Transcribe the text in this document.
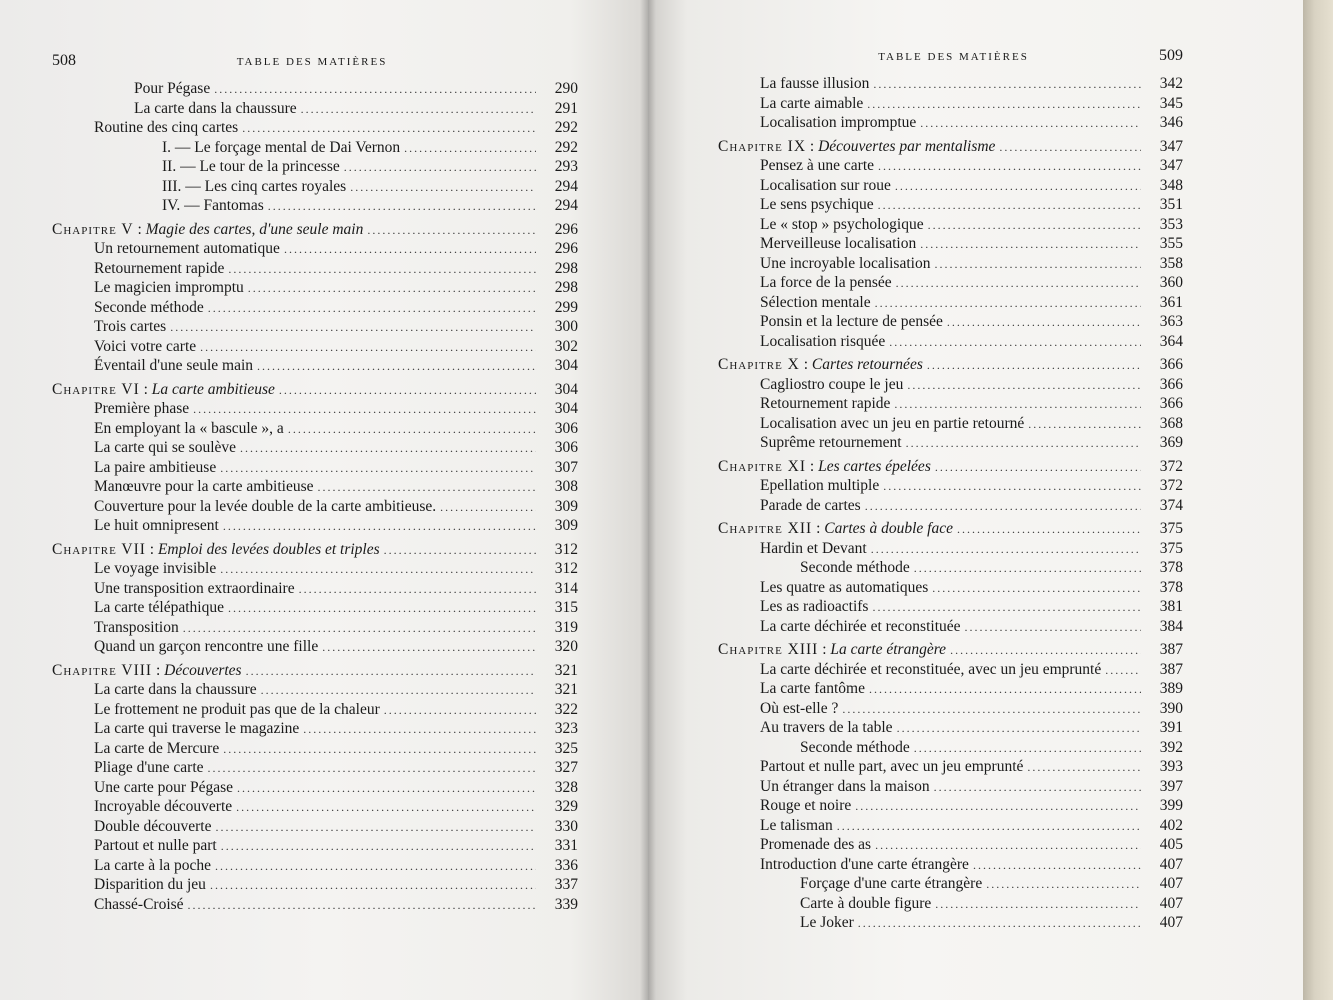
508	TABLE DES MATIÈRES
Pour Pégase .....	290
La carte dans la chaussure .....	291
Routine des cinq cartes .....	292
I. — Le forçage mental de Dai Vernon .....	292
II. — Le tour de la princesse .....	293
III. — Les cinq cartes royales .....	294
IV. — Fantomas .....	294
Chapitre V : Magie des cartes, d'une seule main .....	296
Un retournement automatique .....	296
Retournement rapide .....	298
Le magicien impromptu .....	298
Seconde méthode .....	299
Trois cartes .....	300
Voici votre carte .....	302
Éventail d'une seule main .....	304
Chapitre VI : La carte ambitieuse .....	304
Première phase .....	304
En employant la « bascule », a .....	306
La carte qui se soulève .....	306
La paire ambitieuse .....	307
Manœuvre pour la carte ambitieuse .....	308
Couverture pour la levée double de la carte ambitieuse. .....	309
Le huit omnipresent .....	309
Chapitre VII : Emploi des levées doubles et triples .....	312
Le voyage invisible .....	312
Une transposition extraordinaire .....	314
La carte télépathique .....	315
Transposition .....	319
Quand un garçon rencontre une fille .....	320
Chapitre VIII : Découvertes .....	321
La carte dans la chaussure .....	321
Le frottement ne produit pas que de la chaleur .....	322
La carte qui traverse le magazine .....	323
La carte de Mercure .....	325
Pliage d'une carte .....	327
Une carte pour Pégase .....	328
Incroyable découverte .....	329
Double découverte .....	330
Partout et nulle part .....	331
La carte à la poche .....	336
Disparition du jeu .....	337
Chassé-Croisé .....	339
TABLE DES MATIÈRES	509
La fausse illusion .....	342
La carte aimable .....	345
Localisation impromptue .....	346
Chapitre IX : Découvertes par mentalisme .....	347
Pensez à une carte .....	347
Localisation sur roue .....	348
Le sens psychique .....	351
Le « stop » psychologique .....	353
Merveilleuse localisation .....	355
Une incroyable localisation .....	358
La force de la pensée .....	360
Sélection mentale .....	361
Ponsin et la lecture de pensée .....	363
Localisation risquée .....	364
Chapitre X : Cartes retournées .....	366
Cagliostro coupe le jeu .....	366
Retournement rapide .....	366
Localisation avec un jeu en partie retourné .....	368
Suprême retournement .....	369
Chapitre XI : Les cartes épelées .....	372
Epellation multiple .....	372
Parade de cartes .....	374
Chapitre XII : Cartes à double face .....	375
Hardin et Devant .....	375
Seconde méthode .....	378
Les quatre as automatiques .....	378
Les as radioactifs .....	381
La carte déchirée et reconstituée .....	384
Chapitre XIII : La carte étrangère .....	387
La carte déchirée et reconstituée, avec un jeu emprunté .....	387
La carte fantôme .....	389
Où est-elle ? .....	390
Au travers de la table .....	391
Seconde méthode .....	392
Partout et nulle part, avec un jeu emprunté .....	393
Un étranger dans la maison .....	397
Rouge et noire .....	399
Le talisman .....	402
Promenade des as .....	405
Introduction d'une carte étrangère .....	407
Forçage d'une carte étrangère .....	407
Carte à double figure .....	407
Le Joker .....	407
